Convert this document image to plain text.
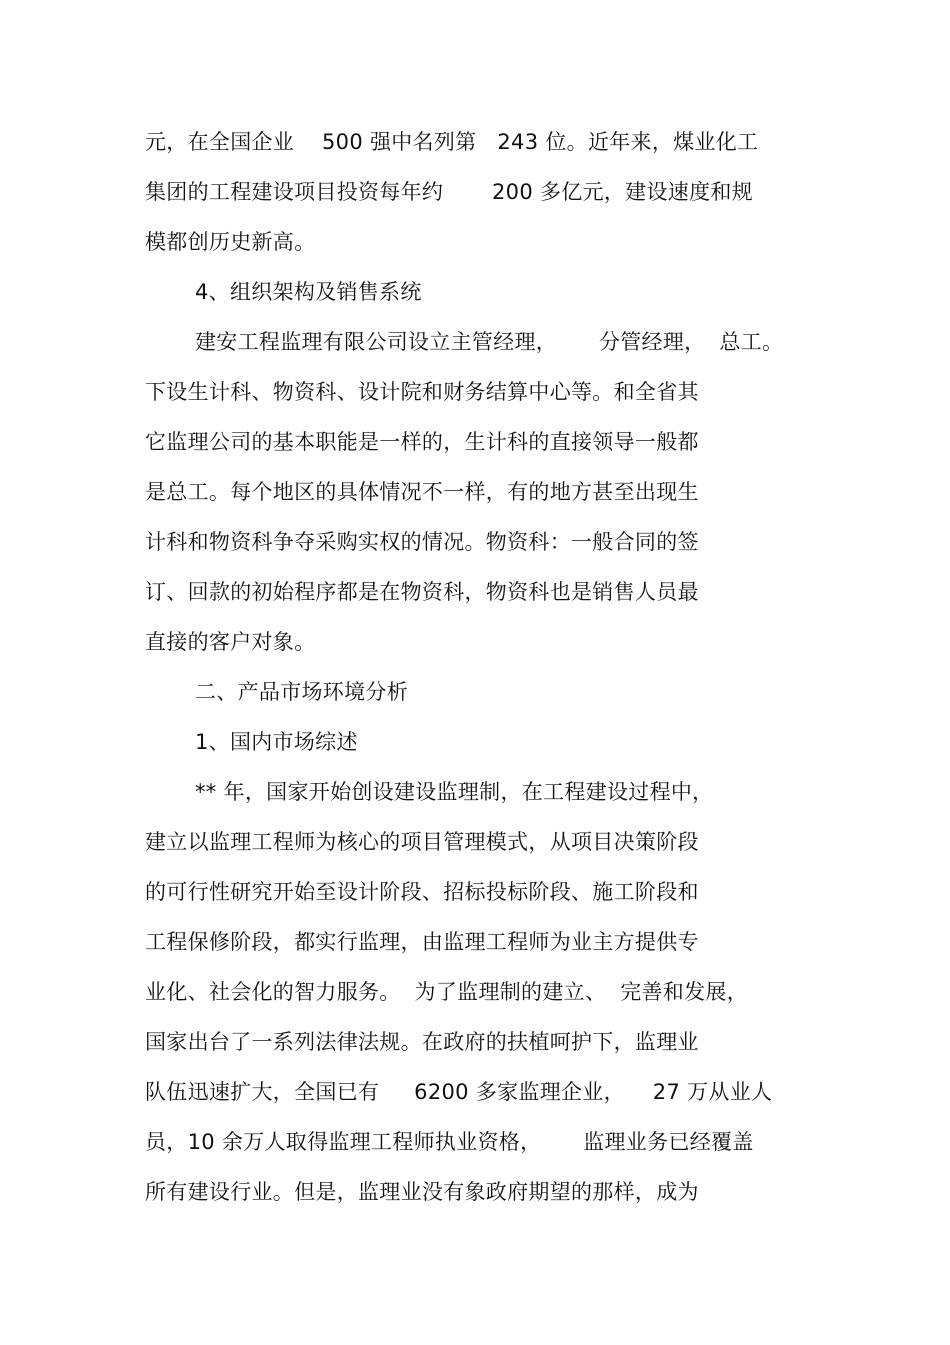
元，在全国企业    500 强中名列第   243 位。近年来，煤业化工
集团的工程建设项目投资每年约       200 多亿元，建设速度和规
模都创历史新高。
4、组织架构及销售系统
建安工程监理有限公司设立主管经理，      分管经理，  总工。
下设生计科、物资科、设计院和财务结算中心等。和全省其
它监理公司的基本职能是一样的，生计科的直接领导一般都
是总工。每个地区的具体情况不一样，有的地方甚至出现生
计科和物资科争夺采购实权的情况。物资科：一般合同的签
订、回款的初始程序都是在物资科，物资科也是销售人员最
直接的客户对象。
二、产品市场环境分析
1、国内市场综述
** 年，国家开始创设建设监理制，在工程建设过程中，
建立以监理工程师为核心的项目管理模式，从项目决策阶段
的可行性研究开始至设计阶段、招标投标阶段、施工阶段和
工程保修阶段，都实行监理，由监理工程师为业主方提供专
业化、社会化的智力服务。  为了监理制的建立、  完善和发展，
国家出台了一系列法律法规。在政府的扶植呵护下，监理业
队伍迅速扩大，全国已有     6200 多家监理企业，    27 万从业人
员，10 余万人取得监理工程师执业资格，      监理业务已经覆盖
所有建设行业。但是，监理业没有象政府期望的那样，成为
